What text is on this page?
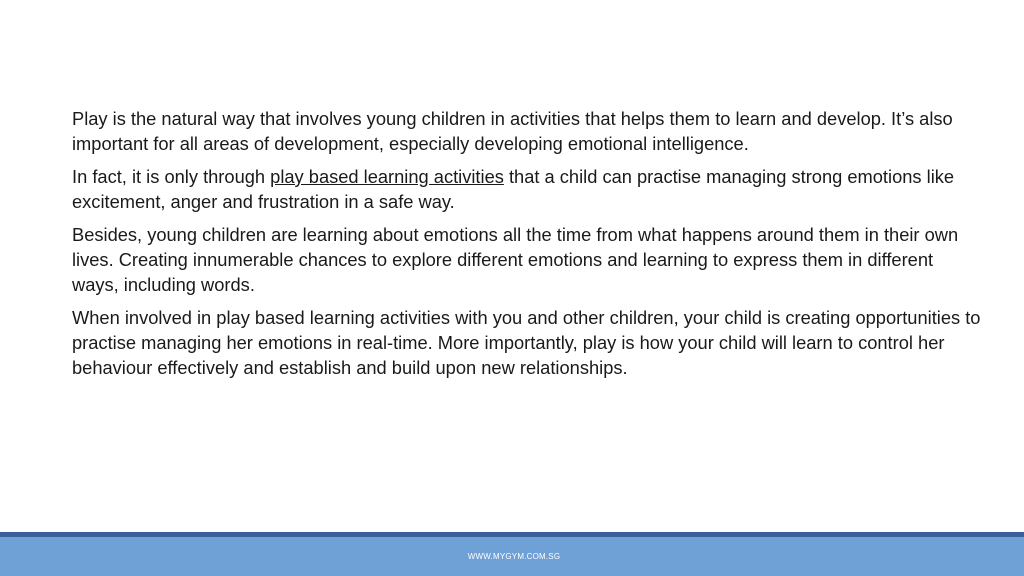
Play is the natural way that involves young children in activities that helps them to learn and develop. It’s also important for all areas of development, especially developing emotional intelligence.

In fact, it is only through play based learning activities that a child can practise managing strong emotions like excitement, anger and frustration in a safe way.

Besides, young children are learning about emotions all the time from what happens around them in their own lives. Creating innumerable chances to explore different emotions and learning to express them in different ways, including words.

When involved in play based learning activities with you and other children, your child is creating opportunities to practise managing her emotions in real-time. More importantly, play is how your child will learn to control her behaviour effectively and establish and build upon new relationships.

WWW.MYGYM.COM.SG
